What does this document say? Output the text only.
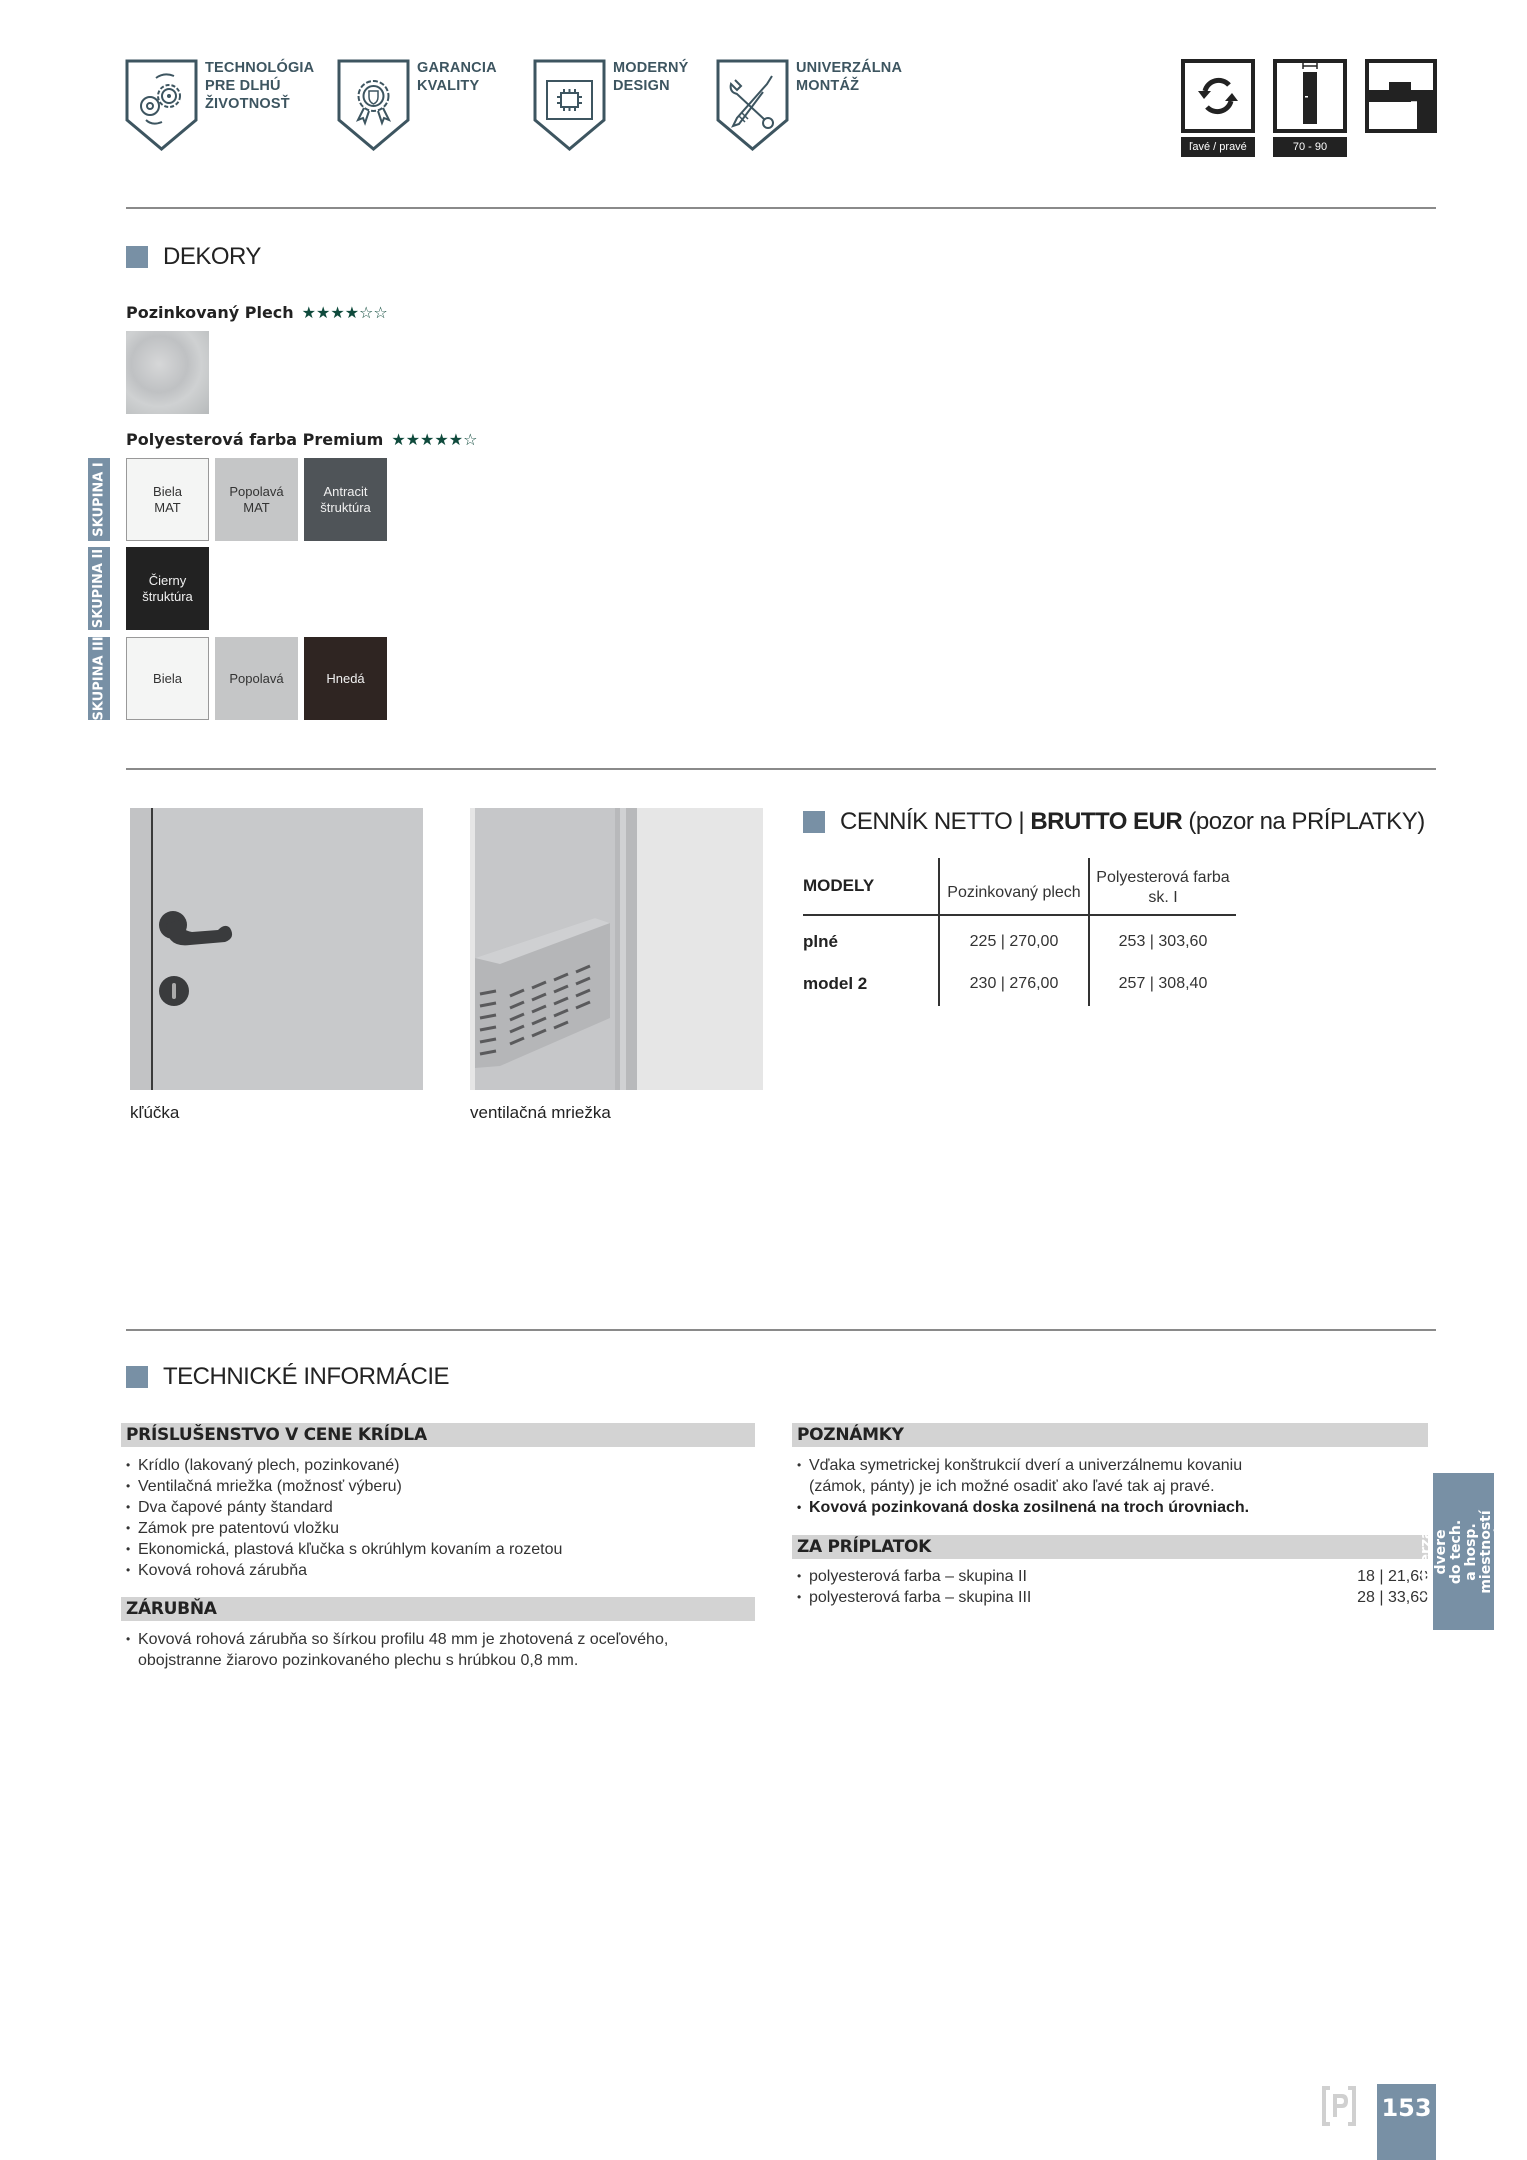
TECHNOLÓGIA
PRE DLHÚ
ŽIVOTNOSŤ
GARANCIA
KVALITY
MODERNÝ
DESIGN
UNIVERZÁLNA
MONTÁŽ
ľavé / pravé	70 - 90
DEKORY
Pozinkovaný Plech ★★★★☆☆
Polyesterová farba Premium ★★★★★☆
SKUPINA I
SKUPINA II
SKUPINA III
Biela
MAT
Popolavá
MAT
Antracit
štruktúra
Čierny
štruktúra
Biela	Popolavá	Hnedá
kľúčka	ventilačná mriežka
CENNÍK NETTO | BRUTTO EUR (pozor na PRÍPLATKY)
MODELY	Pozinkovaný plech
Polyesterová farba
sk. I
plné	225 | 270,00	253 | 303,60
model 2	230 | 276,00	257 | 308,40
TECHNICKÉ INFORMÁCIE
PRÍSLUŠENSTVO V CENE KRÍDLA
• Krídlo (lakovaný plech, pozinkované)
• Ventilačná mriežka (možnosť výberu)
• Dva čapové pánty štandard
• Zámok pre patentovú vložku
• Ekonomická, plastová kľučka s okrúhlym kovaním a rozetou
• Kovová rohová zárubňa
ZÁRUBŇA
• Kovová rohová zárubňa so šírkou profilu 48 mm je zhotovená z oceľového, obojstranne žiarovo pozinkovaného plechu s hrúbkou 0,8 mm.
POZNÁMKY
• Vďaka symetrickej konštrukcií dverí a univerzálnemu kovaniu (zámok, pánty) je ich možné osadiť ako ľavé tak aj pravé.
• Kovová pozinkovaná doska zosilnená na troch úrovniach.
ZA PRÍPLATOK
• polyesterová farba – skupina II	18 | 21,60
• polyesterová farba – skupina III	28 | 33,60
Univerzálne dvere
do tech.
a hosp. miestností
a pivníc
153
